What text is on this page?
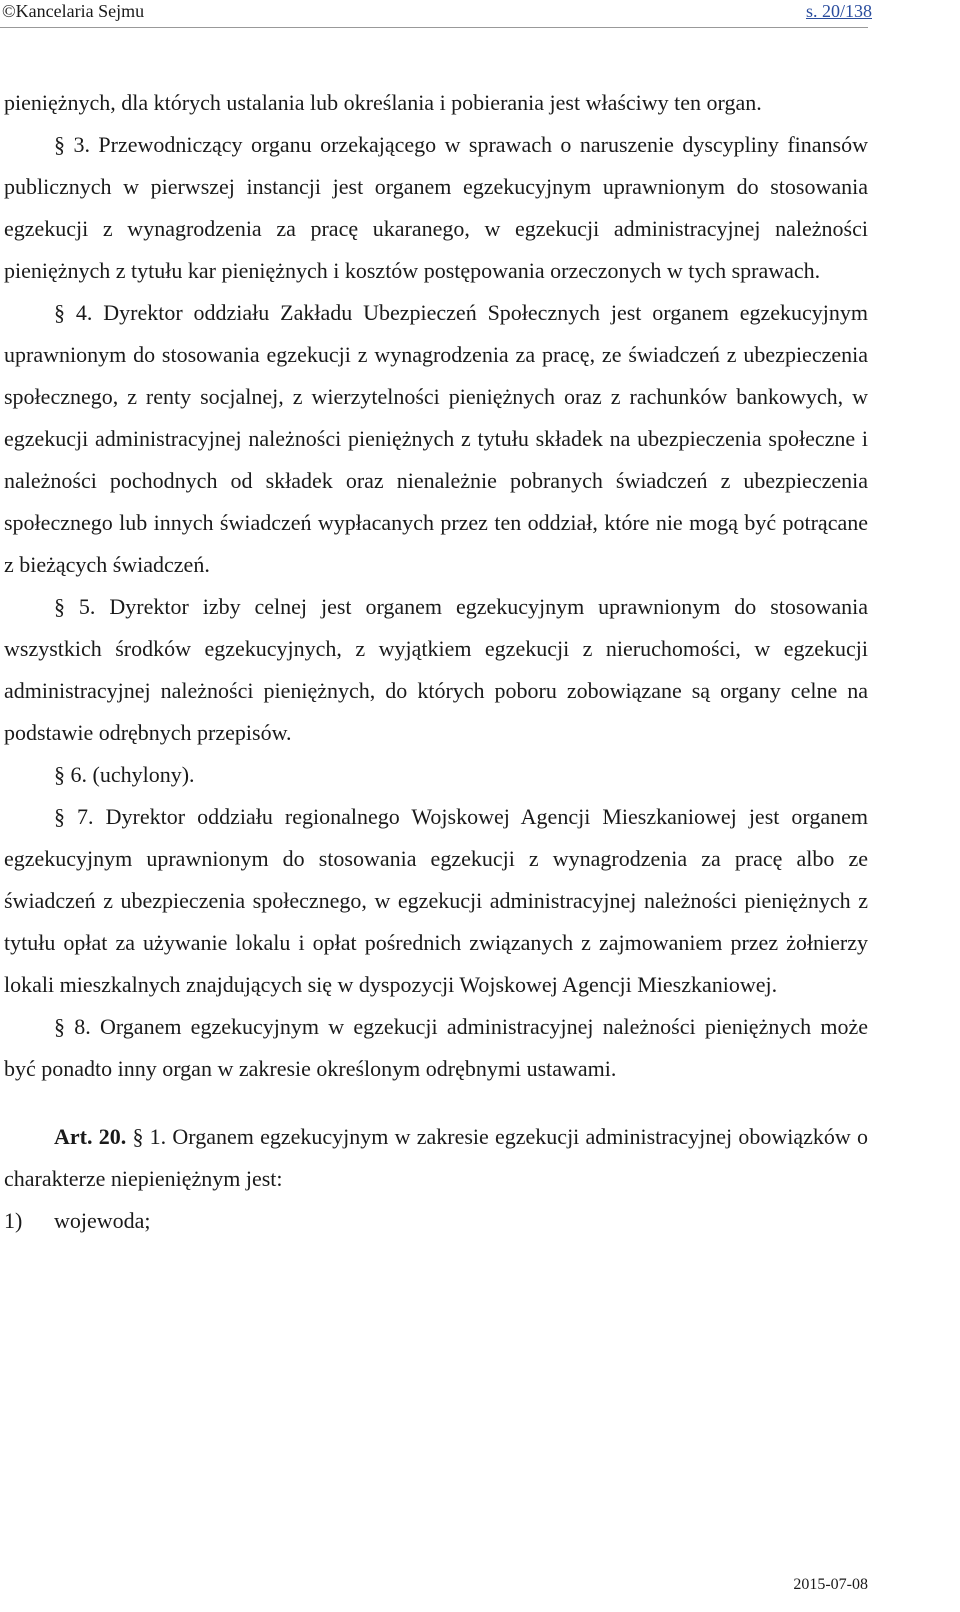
©Kancelaria Sejmu	s. 20/138

pieniężnych, dla których ustalania lub określania i pobierania jest właściwy ten organ.

§ 3. Przewodniczący organu orzekającego w sprawach o naruszenie dyscypliny finansów publicznych w pierwszej instancji jest organem egzekucyjnym uprawnionym do stosowania egzekucji z wynagrodzenia za pracę ukaranego, w egzekucji administracyjnej należności pieniężnych z tytułu kar pieniężnych i kosztów postępowania orzeczonych w tych sprawach.

§ 4. Dyrektor oddziału Zakładu Ubezpieczeń Społecznych jest organem egzekucyjnym uprawnionym do stosowania egzekucji z wynagrodzenia za pracę, ze świadczeń z ubezpieczenia społecznego, z renty socjalnej, z wierzytelności pieniężnych oraz z rachunków bankowych, w egzekucji administracyjnej należności pieniężnych z tytułu składek na ubezpieczenia społeczne i należności pochodnych od składek oraz nienależnie pobranych świadczeń z ubezpieczenia społecznego lub innych świadczeń wypłacanych przez ten oddział, które nie mogą być potrącane z bieżących świadczeń.

§ 5. Dyrektor izby celnej jest organem egzekucyjnym uprawnionym do stosowania wszystkich środków egzekucyjnych, z wyjątkiem egzekucji z nieruchomości, w egzekucji administracyjnej należności pieniężnych, do których poboru zobowiązane są organy celne na podstawie odrębnych przepisów.

§ 6. (uchylony).

§ 7. Dyrektor oddziału regionalnego Wojskowej Agencji Mieszkaniowej jest organem egzekucyjnym uprawnionym do stosowania egzekucji z wynagrodzenia za pracę albo ze świadczeń z ubezpieczenia społecznego, w egzekucji administracyjnej należności pieniężnych z tytułu opłat za używanie lokalu i opłat pośrednich związanych z zajmowaniem przez żołnierzy lokali mieszkalnych znajdujących się w dyspozycji Wojskowej Agencji Mieszkaniowej.

§ 8. Organem egzekucyjnym w egzekucji administracyjnej należności pieniężnych może być ponadto inny organ w zakresie określonym odrębnymi ustawami.

Art. 20. § 1. Organem egzekucyjnym w zakresie egzekucji administracyjnej obowiązków o charakterze niepieniężnym jest:

1)	wojewoda;
2015-07-08
